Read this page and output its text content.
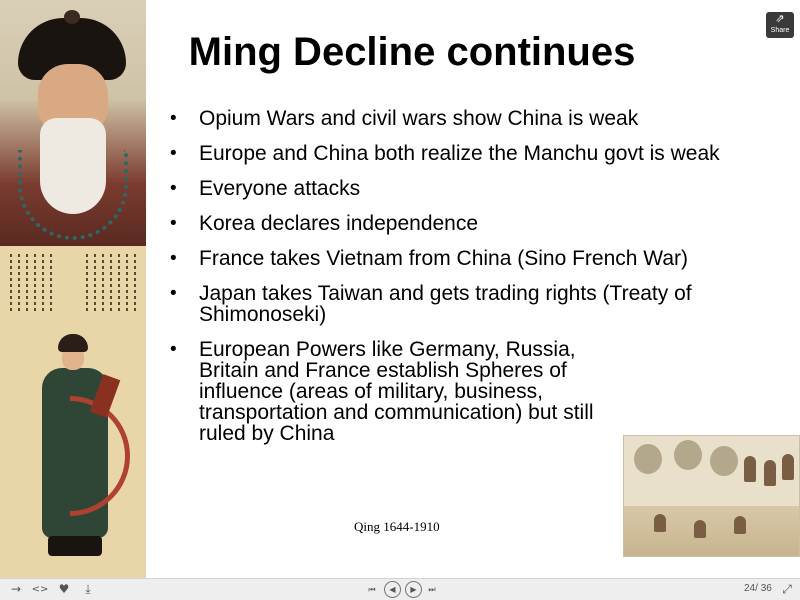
Ming Decline continues
• Opium Wars and civil wars show China is weak
• Europe and China both realize the Manchu govt is weak
• Everyone attacks
• Korea declares independence
• France takes Vietnam from China (Sino French War)
• Japan takes Taiwan and gets trading rights (Treaty of Shimonoseki)
• European Powers like Germany, Russia, Britain and France establish Spheres of influence (areas of military, business, transportation and communication) but still ruled by China
Qing 1644-1910
⇗
Share
→ <> ♥	⤓	⏮	◀	▶	⏭	24/ 36 ⤢
